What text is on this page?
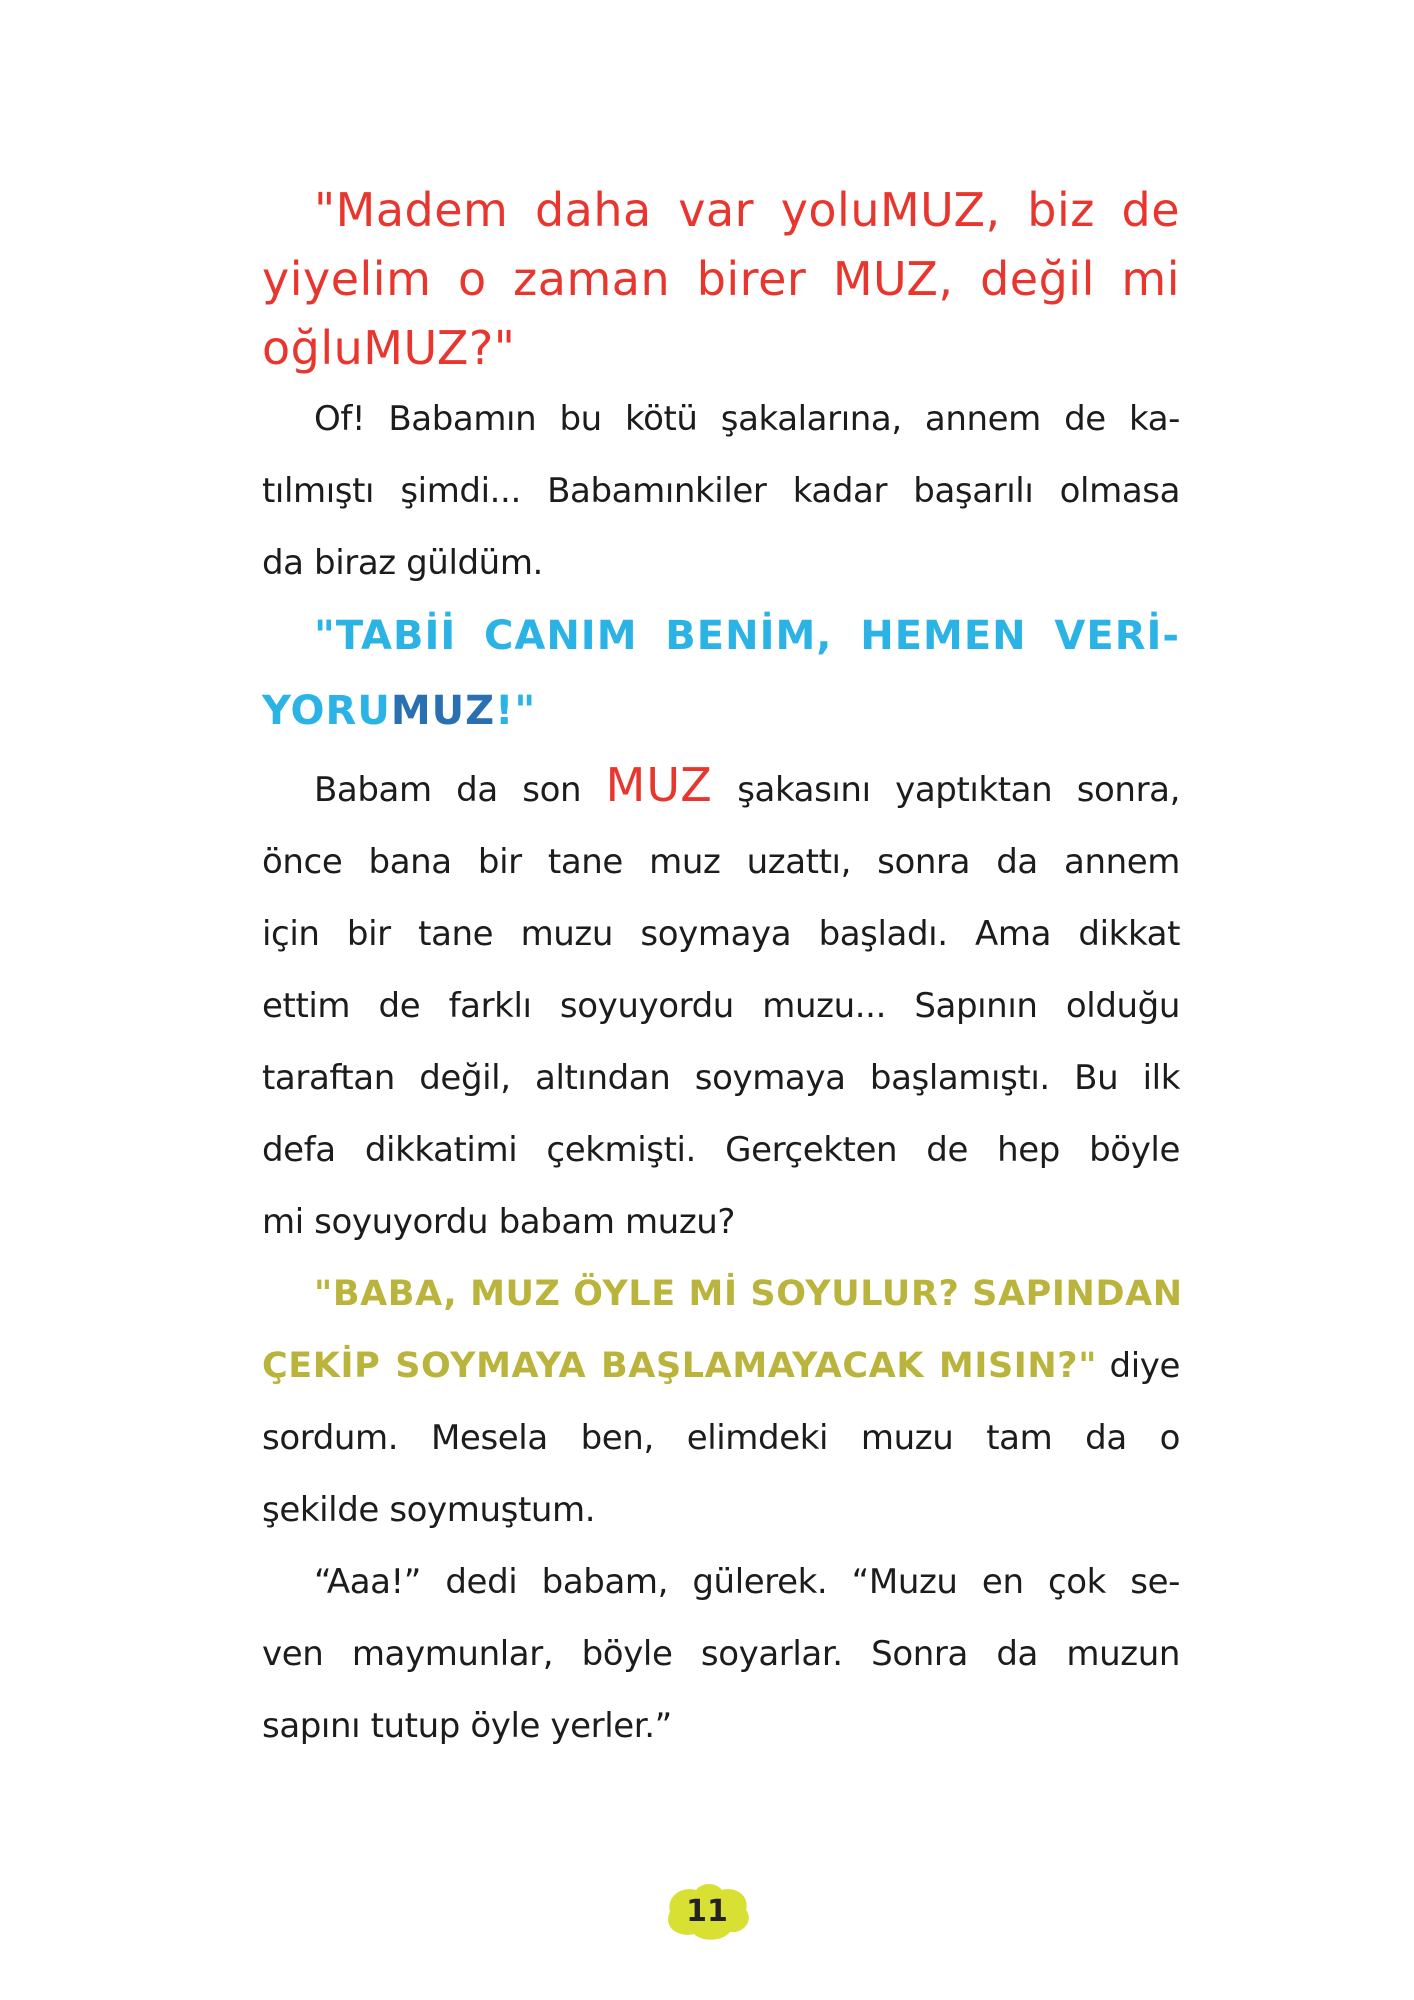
"Madem daha var yoluMUZ, biz de
yiyelim o zaman birer MUZ, değil mi
oğluMUZ?"
Of! Babamın bu kötü şakalarına, annem de ka-
tılmıştı şimdi... Babamınkiler kadar başarılı olmasa
da biraz güldüm.
"TABİİ CANIM BENİM, HEMEN VERİ-
YORUMUZ!"
Babam da son MUZ şakasını yaptıktan sonra,
önce bana bir tane muz uzattı, sonra da annem
için bir tane muzu soymaya başladı. Ama dikkat
ettim de farklı soyuyordu muzu... Sapının olduğu
taraftan değil, altından soymaya başlamıştı. Bu ilk
defa dikkatimi çekmişti. Gerçekten de hep böyle
mi soyuyordu babam muzu?
"BABA, MUZ ÖYLE Mİ SOYULUR? SAPINDAN
ÇEKİP SOYMAYA BAŞLAMAYACAK MISIN?" diye
sordum. Mesela ben, elimdeki muzu tam da o
şekilde soymuştum.
“Aaa!” dedi babam, gülerek. “Muzu en çok se-
ven maymunlar, böyle soyarlar. Sonra da muzun
sapını tutup öyle yerler.”
11
